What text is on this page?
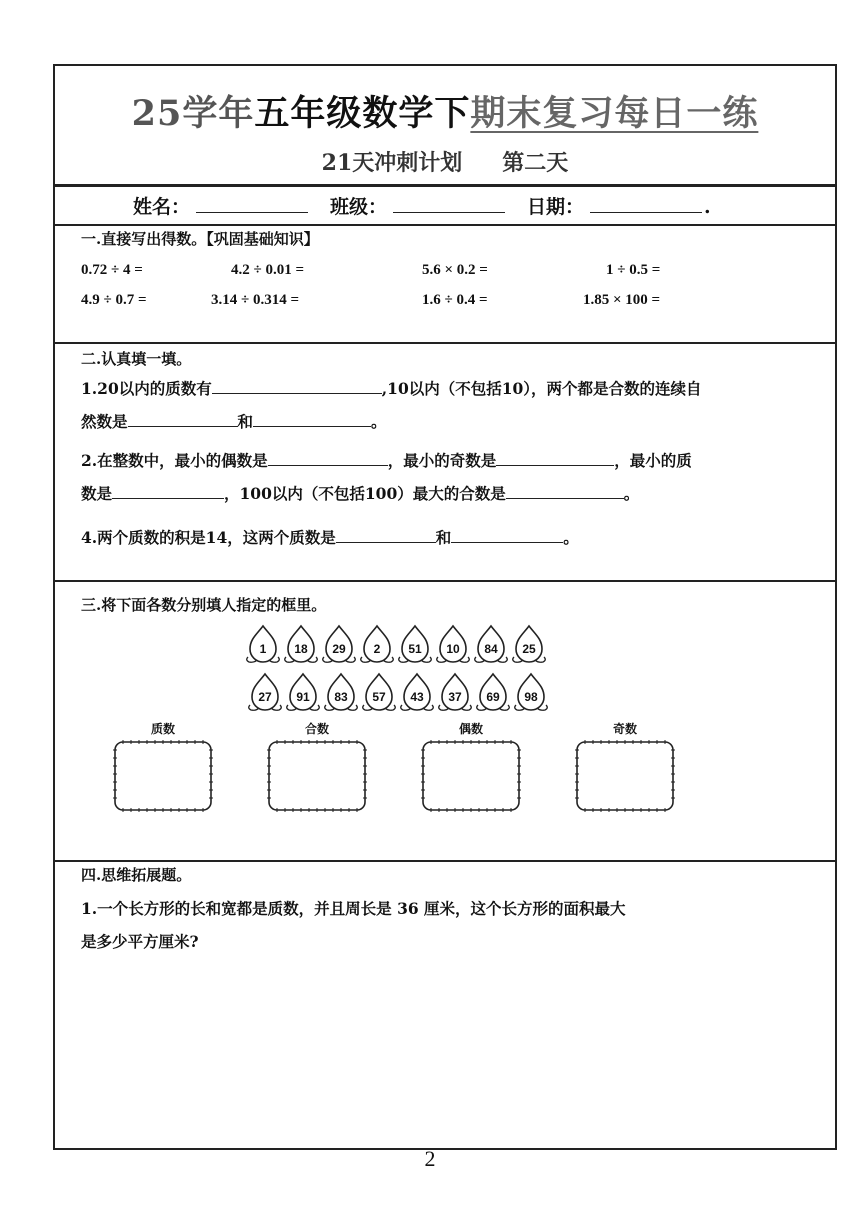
25学年五年级数学下期末复习每日一练
21天冲刺计划 第二天
姓名：	班级：	日期：	.
一.直接写出得数。【巩固基础知识】
0.72 ÷ 4 =	4.2 ÷ 0.01 =	5.6 × 0.2 =	1 ÷ 0.5 =
4.9 ÷ 0.7 =	3.14 ÷ 0.314 =	1.6 ÷ 0.4 =	1.85 × 100 =
二.认真填一填。
1.20以内的质数有	,10以内（不包括10），两个都是合数的连续自
然数是	和	。
2.在整数中，最小的偶数是	，最小的奇数是	，最小的质
数是	，100以内（不包括100）最大的合数是	。
4.两个质数的积是14，这两个质数是	和	。
三.将下面各数分别填人指定的框里。
1	18	29	2	51	10	84	25
27	91	83	57	43	37	69	98
质数	合数	偶数	奇数
四.思维拓展题。
1.一个长方形的长和宽都是质数，并且周长是 36 厘米，这个长方形的面积最大
是多少平方厘米?
2
